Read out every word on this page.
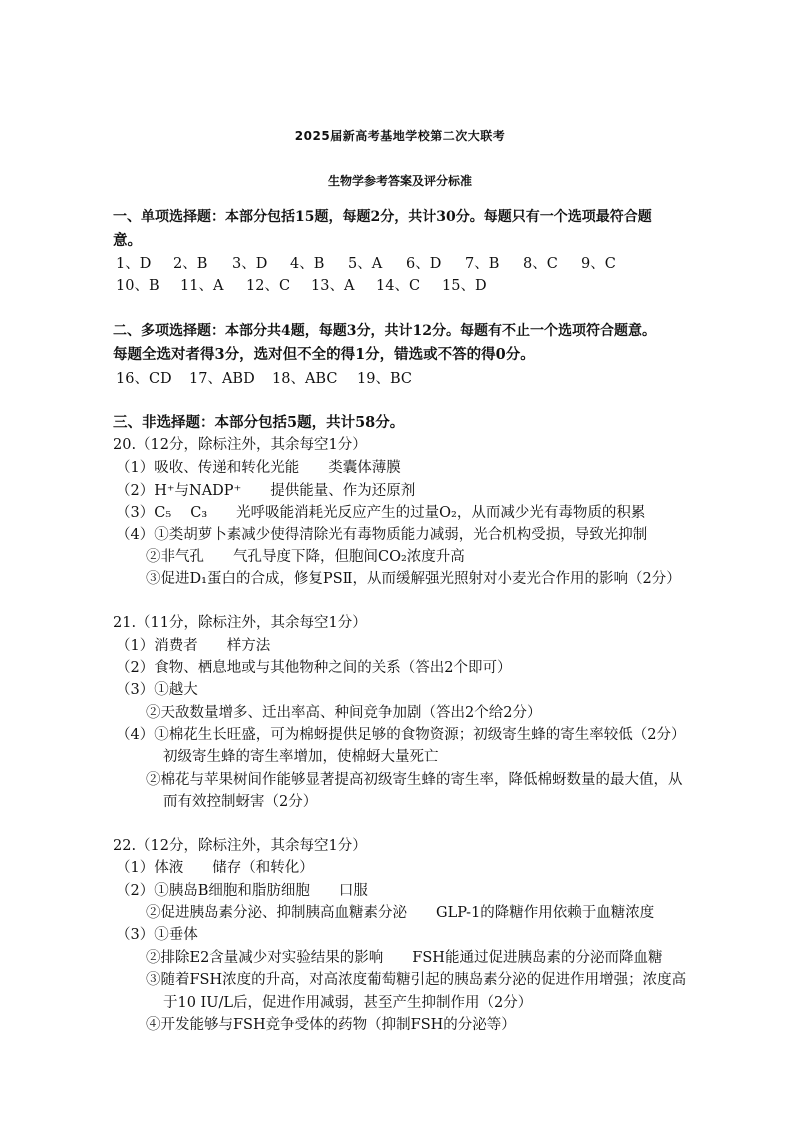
2025届新高考基地学校第二次大联考
生物学参考答案及评分标准
一、单项选择题：本部分包括15题，每题2分，共计30分。每题只有一个选项最符合题
意。
1、D 2、B 3、D 4、B 5、A 6、D 7、B 8、C 9、C
10、B 11、A 12、C 13、A 14、C 15、D
二、多项选择题：本部分共4题，每题3分，共计12分。每题有不止一个选项符合题意。
每题全选对者得3分，选对但不全的得1分，错选或不答的得0分。
16、CD 17、ABD 18、ABC 19、BC
三、非选择题：本部分包括5题，共计58分。
20.（12分，除标注外，其余每空1分）
（1）吸收、传递和转化光能　　类囊体薄膜
（2）H⁺与NADP⁺　　提供能量、作为还原剂
（3）C₅　 C₃　　光呼吸能消耗光反应产生的过量O₂，从而减少光有毒物质的积累
（4）①类胡萝卜素减少使得清除光有毒物质能力减弱，光合机构受损，导致光抑制
②非气孔　　气孔导度下降，但胞间CO₂浓度升高
③促进D₁蛋白的合成，修复PSⅡ，从而缓解强光照射对小麦光合作用的影响（2分）
21.（11分，除标注外，其余每空1分）
（1）消费者　　样方法
（2）食物、栖息地或与其他物种之间的关系（答出2个即可）
（3）①越大
②天敌数量增多、迁出率高、种间竞争加剧（答出2个给2分）
（4）①棉花生长旺盛，可为棉蚜提供足够的食物资源；初级寄生蜂的寄生率较低（2分）
初级寄生蜂的寄生率增加，使棉蚜大量死亡
②棉花与苹果树间作能够显著提高初级寄生蜂的寄生率，降低棉蚜数量的最大值，从
而有效控制蚜害（2分）
22.（12分，除标注外，其余每空1分）
（1）体液　　储存（和转化）
（2）①胰岛B细胞和脂肪细胞　　口服
②促进胰岛素分泌、抑制胰高血糖素分泌　　GLP-1的降糖作用依赖于血糖浓度
（3）①垂体
②排除E2含量减少对实验结果的影响　　FSH能通过促进胰岛素的分泌而降血糖
③随着FSH浓度的升高，对高浓度葡萄糖引起的胰岛素分泌的促进作用增强；浓度高
于10 IU/L后，促进作用减弱，甚至产生抑制作用（2分）
④开发能够与FSH竞争受体的药物（抑制FSH的分泌等）
